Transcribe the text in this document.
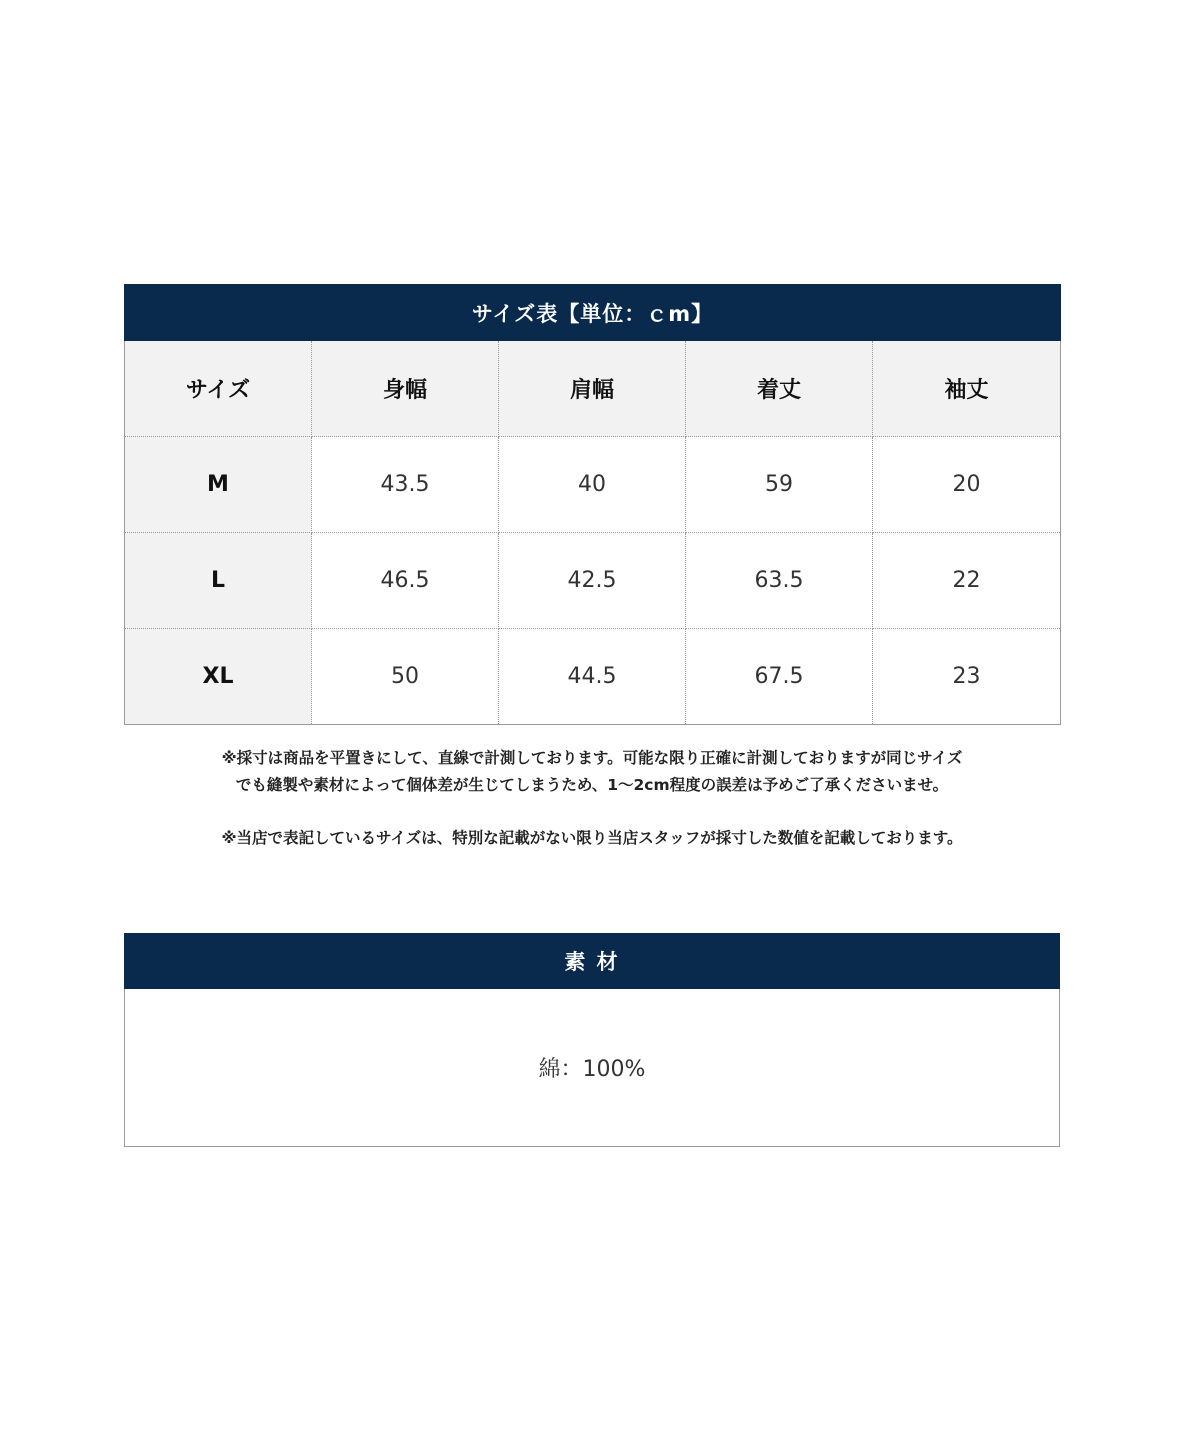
サイズ表【単位：ｃm】				
サイズ	身幅	肩幅	着丈	袖丈
M	43.5	40	59	20
L	46.5	42.5	63.5	22
XL	50	44.5	67.5	23

※採寸は商品を平置きにして、直線で計測しております。可能な限り正確に計測しておりますが同じサイズ

でも縫製や素材によって個体差が生じてしまうため、1～2cm程度の誤差は予めご了承くださいませ。

※当店で表記しているサイズは、特別な記載がない限り当店スタッフが採寸した数値を記載しております。

素 材
綿：100%
